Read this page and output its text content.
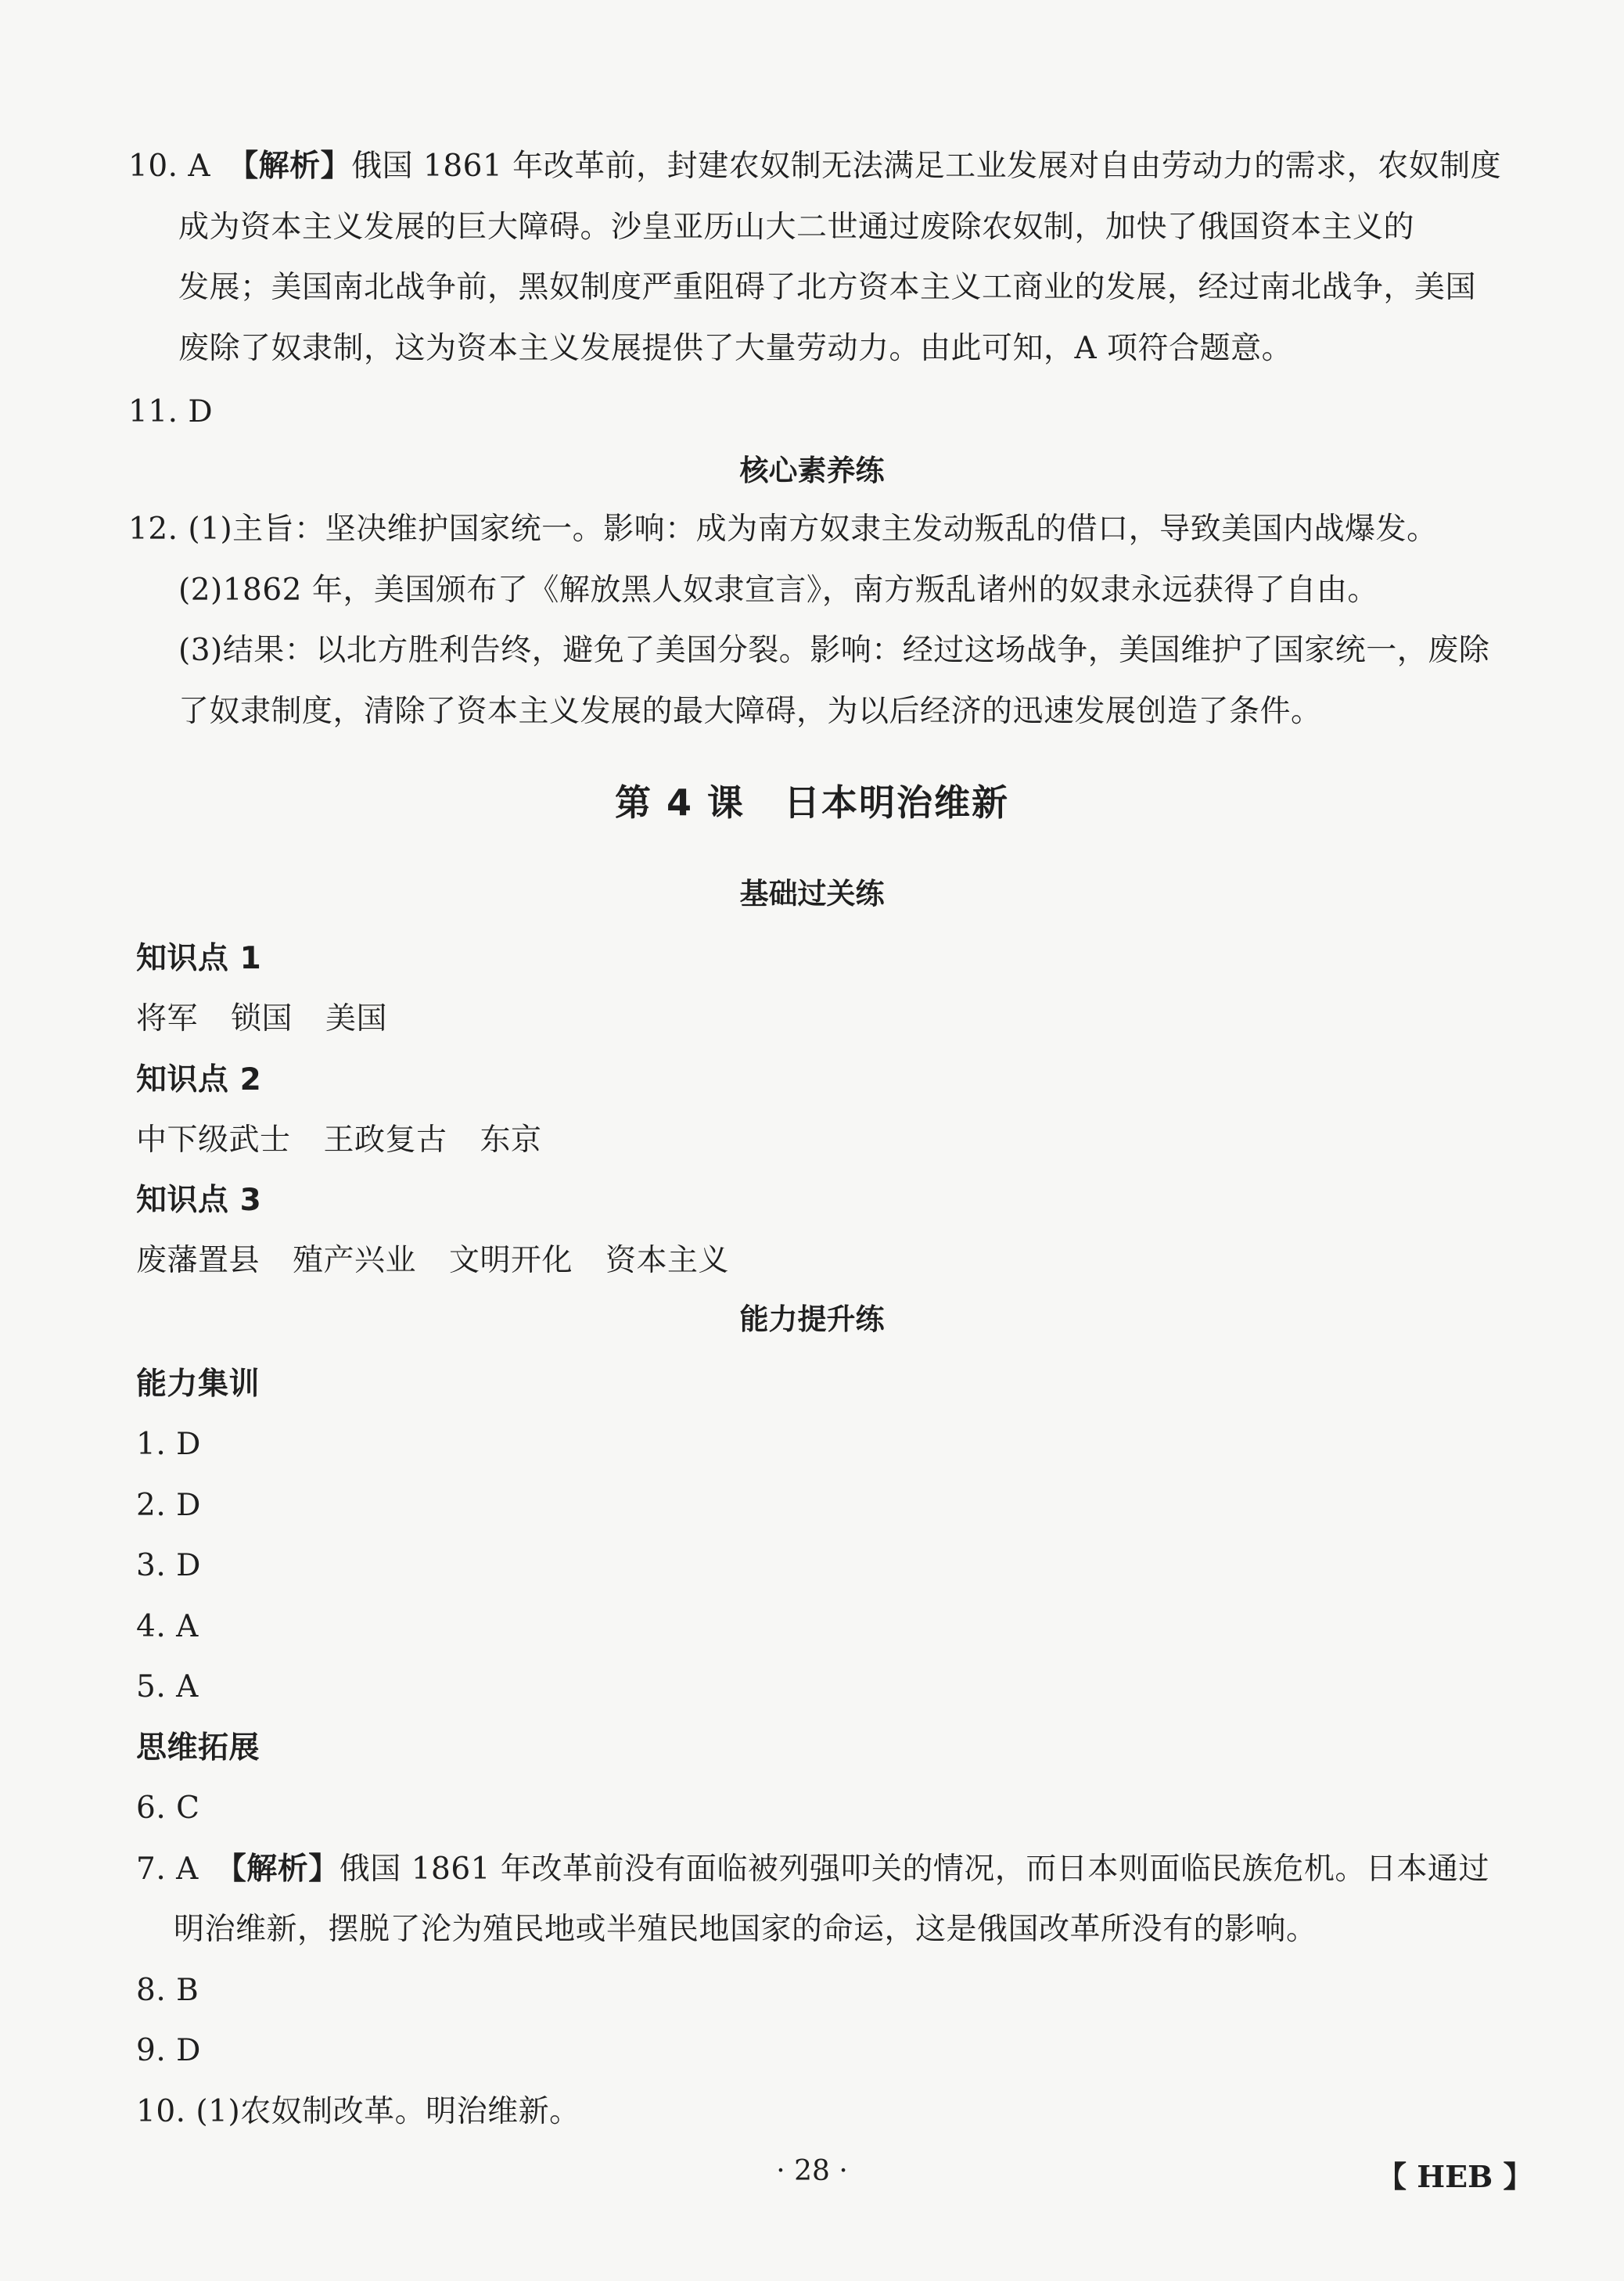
10. A 【解析】俄国 1861 年改革前，封建农奴制无法满足工业发展对自由劳动力的需求，农奴制度
成为资本主义发展的巨大障碍。沙皇亚历山大二世通过废除农奴制，加快了俄国资本主义的
发展；美国南北战争前，黑奴制度严重阻碍了北方资本主义工商业的发展，经过南北战争，美国
废除了奴隶制，这为资本主义发展提供了大量劳动力。由此可知，A 项符合题意。
11. D
核心素养练
12. (1)主旨：坚决维护国家统一。影响：成为南方奴隶主发动叛乱的借口，导致美国内战爆发。
(2)1862 年，美国颁布了《解放黑人奴隶宣言》，南方叛乱诸州的奴隶永远获得了自由。
(3)结果：以北方胜利告终，避免了美国分裂。影响：经过这场战争，美国维护了国家统一，废除
了奴隶制度，清除了资本主义发展的最大障碍，为以后经济的迅速发展创造了条件。
第 4 课 日本明治维新
基础过关练
知识点 1
将军 锁国 美国
知识点 2
中下级武士 王政复古 东京
知识点 3
废藩置县 殖产兴业 文明开化 资本主义
能力提升练
能力集训
1. D
2. D
3. D
4. A
5. A
思维拓展
6. C
7. A 【解析】俄国 1861 年改革前没有面临被列强叩关的情况，而日本则面临民族危机。日本通过
明治维新，摆脱了沦为殖民地或半殖民地国家的命运，这是俄国改革所没有的影响。
8. B
9. D
10. (1)农奴制改革。明治维新。
· 28 ·	【 HEB 】
